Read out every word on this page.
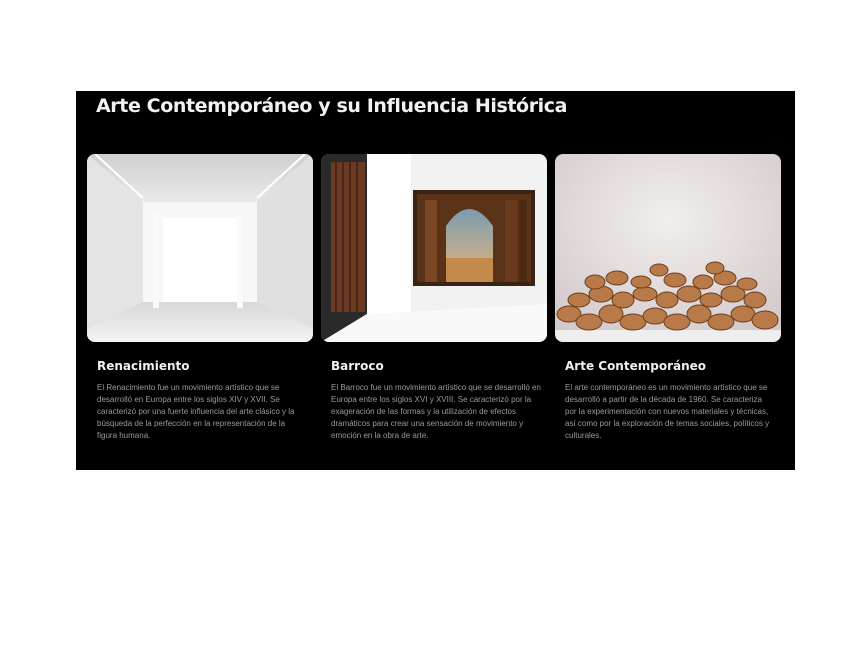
Arte Contemporáneo y su Influencia Histórica
Renacimiento
El Renacimiento fue un movimiento artístico que se desarrolló en Europa entre los siglos XIV y XVII. Se caracterizó por una fuerte influencia del arte clásico y la búsqueda de la perfección en la representación de la figura humana.
Barroco
El Barroco fue un movimiento artístico que se desarrolló en Europa entre los siglos XVI y XVIII. Se caracterizó por la exageración de las formas y la utilización de efectos dramáticos para crear una sensación de movimiento y emoción en la obra de arte.
Arte Contemporáneo
El arte contemporáneo es un movimiento artístico que se desarrolló a partir de la década de 1960. Se caracteriza por la experimentación con nuevos materiales y técnicas, así como por la exploración de temas sociales, políticos y culturales.
